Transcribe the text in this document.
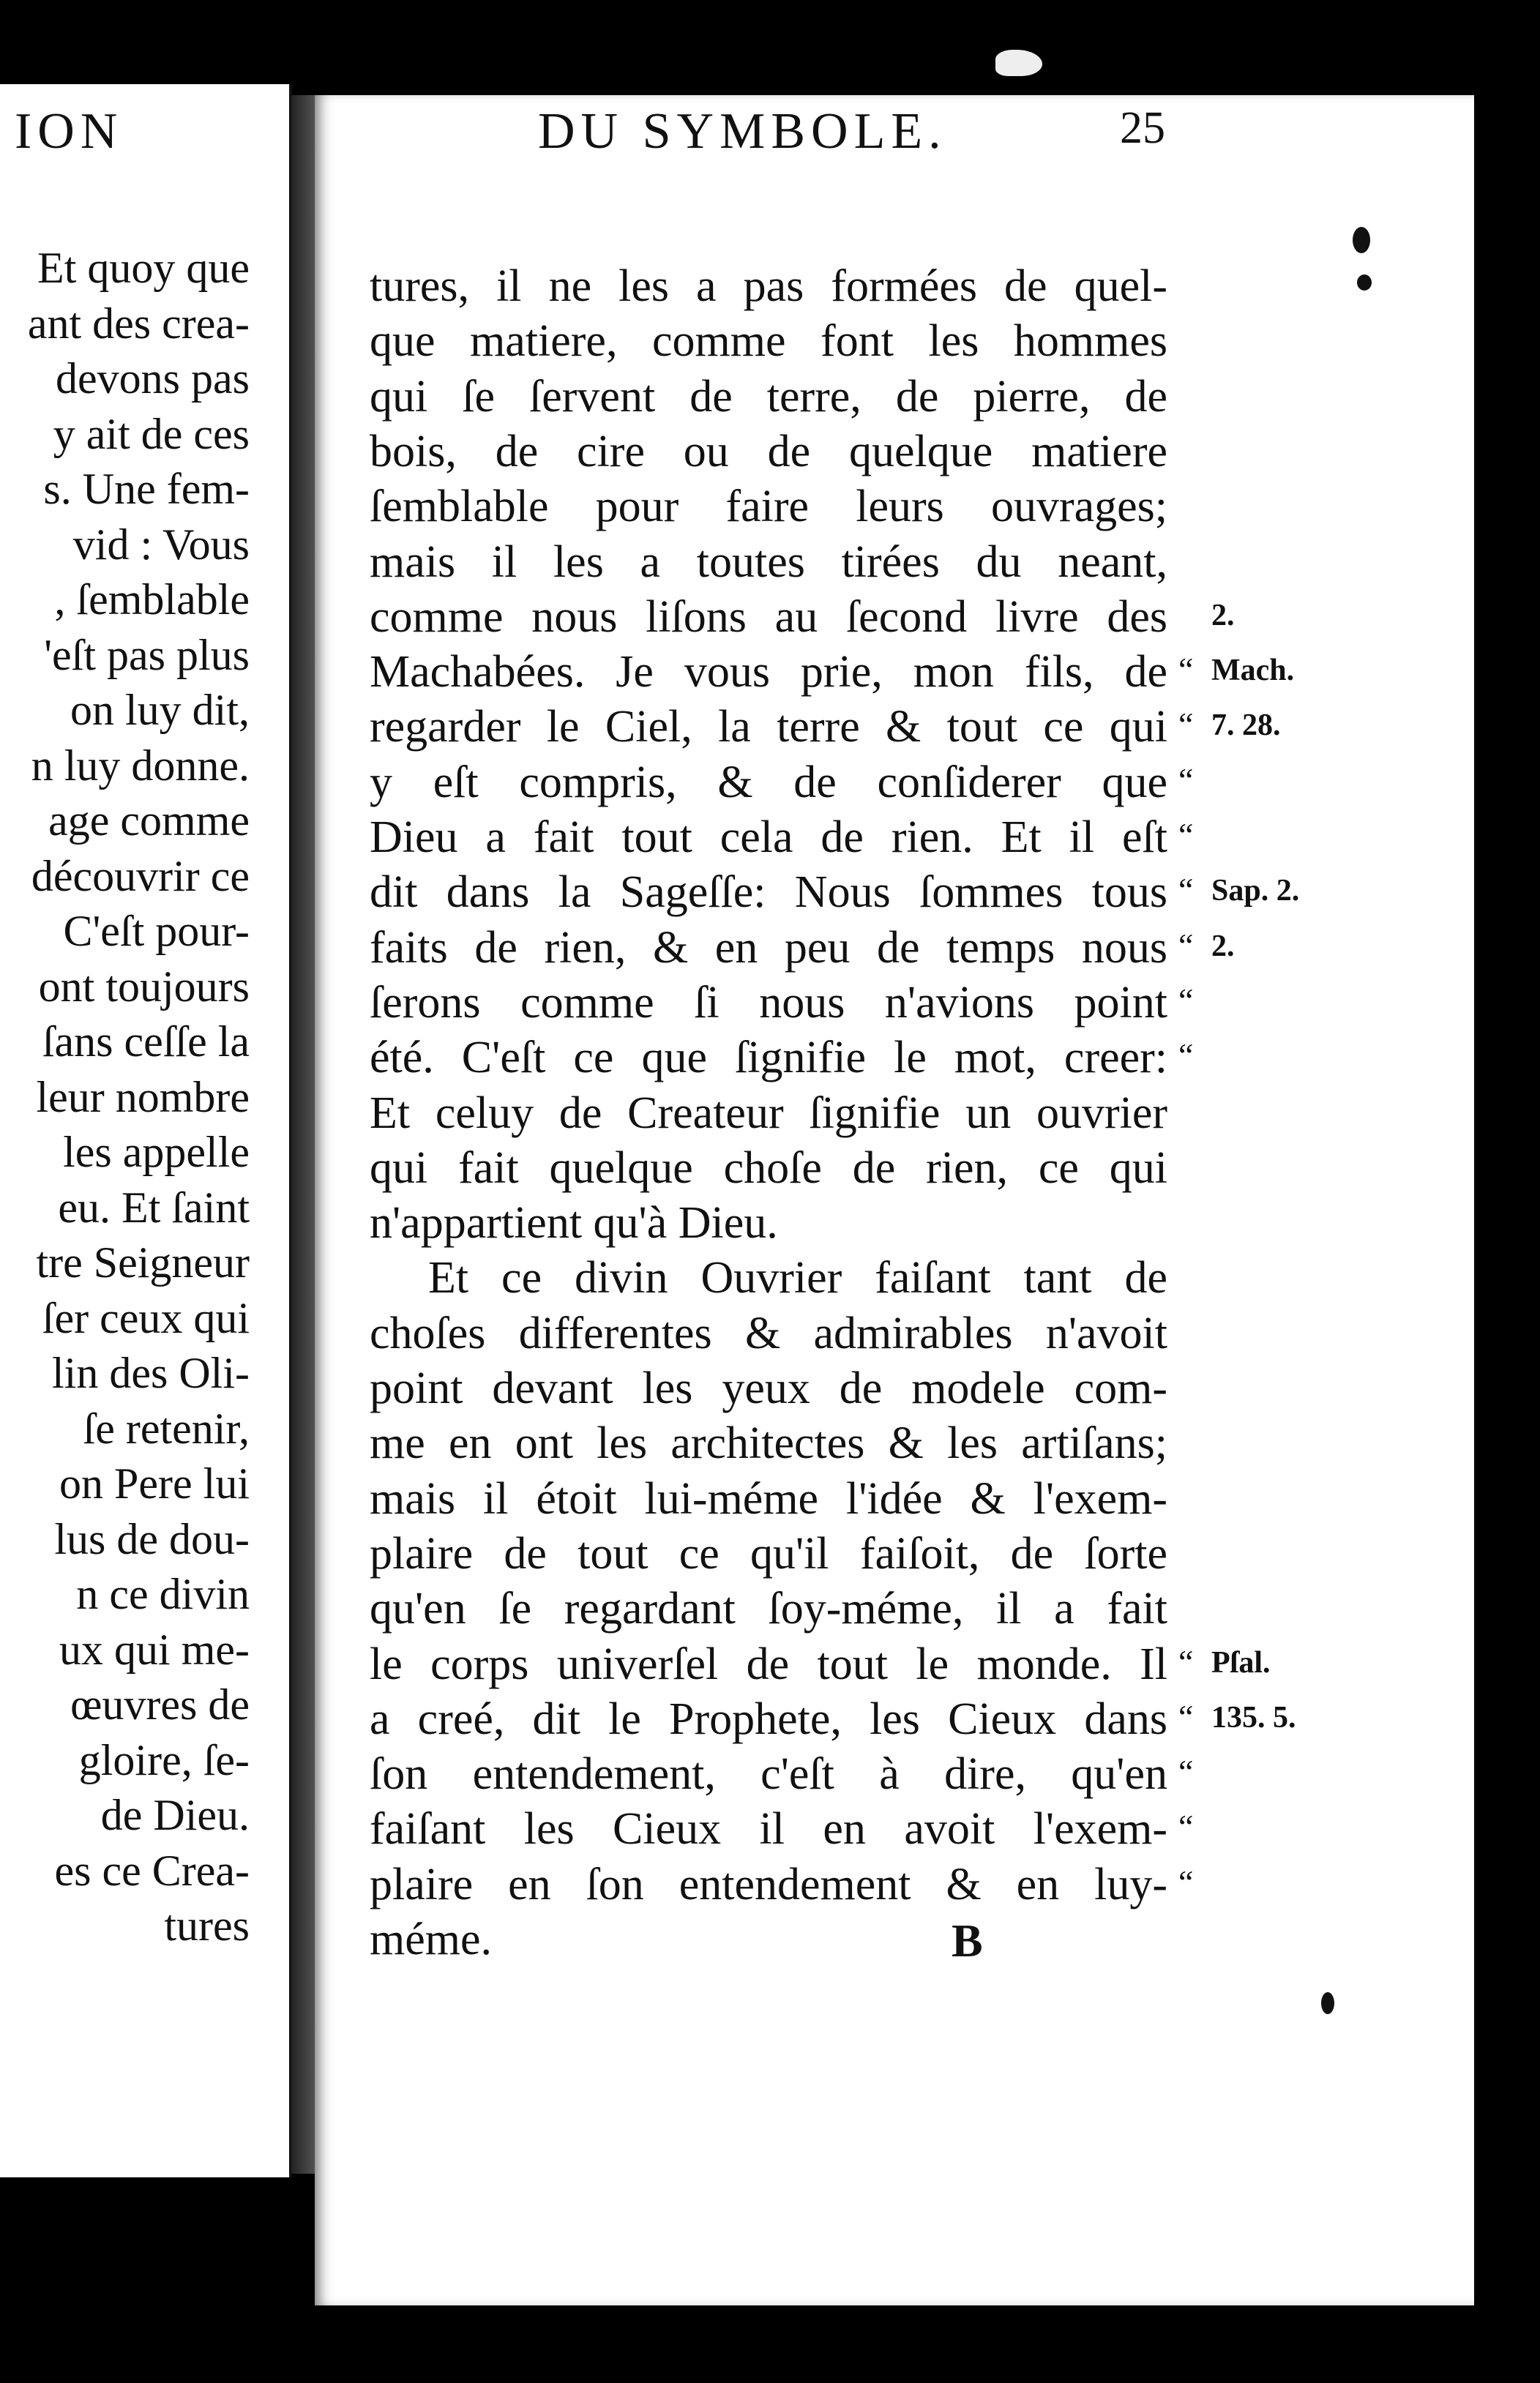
ION
Et quoy que
ant des crea-
devons pas
y ait de ces
s. Une fem-
vid : Vous
, ſemblable
'eſt pas plus
on luy dit,
n luy donne.
age comme
découvrir ce
C'eſt pour-
ont toujours
ſans ceſſe la
leur nombre
les appelle
eu. Et ſaint
tre Seigneur
ſer ceux qui
lin des Oli-
ſe retenir,
on Pere lui
lus de dou-
n ce divin
ux qui me-
œuvres de
gloire, ſe-
de Dieu.
es ce Crea-
tures
DU SYMBOLE.	25
tures, il ne les a pas formées de quel-
que matiere, comme font les hommes
qui ſe ſervent de terre, de pierre, de
bois, de cire ou de quelque matiere
ſemblable pour faire leurs ouvrages;
mais il les a toutes tirées du neant,
comme nous liſons au ſecond livre des
Machabées. Je vous prie, mon fils, de
regarder le Ciel, la terre & tout ce qui
y eſt compris, & de conſiderer que
Dieu a fait tout cela de rien. Et il eſt
dit dans la Sageſſe: Nous ſommes tous
faits de rien, & en peu de temps nous
ſerons comme ſi nous n'avions point
été. C'eſt ce que ſignifie le mot, creer:
Et celuy de Createur ſignifie un ouvrier
qui fait quelque choſe de rien, ce qui
n'appartient qu'à Dieu.
Et ce divin Ouvrier faiſant tant de
choſes differentes & admirables n'avoit
point devant les yeux de modele com-
me en ont les architectes & les artiſans;
mais il étoit lui-méme l'idée & l'exem-
plaire de tout ce qu'il faiſoit, de ſorte
qu'en ſe regardant ſoy-méme, il a fait
le corps univerſel de tout le monde. Il
a creé, dit le Prophete, les Cieux dans
ſon entendement, c'eſt à dire, qu'en
faiſant les Cieux il en avoit l'exem-
plaire en ſon entendement & en luy-
méme.
“
“
“
“
“
“
“
“
“
“
“
“
“
2.
Mach.
7. 28.
Sap. 2.
2.
Pſal.
135. 5.
B
